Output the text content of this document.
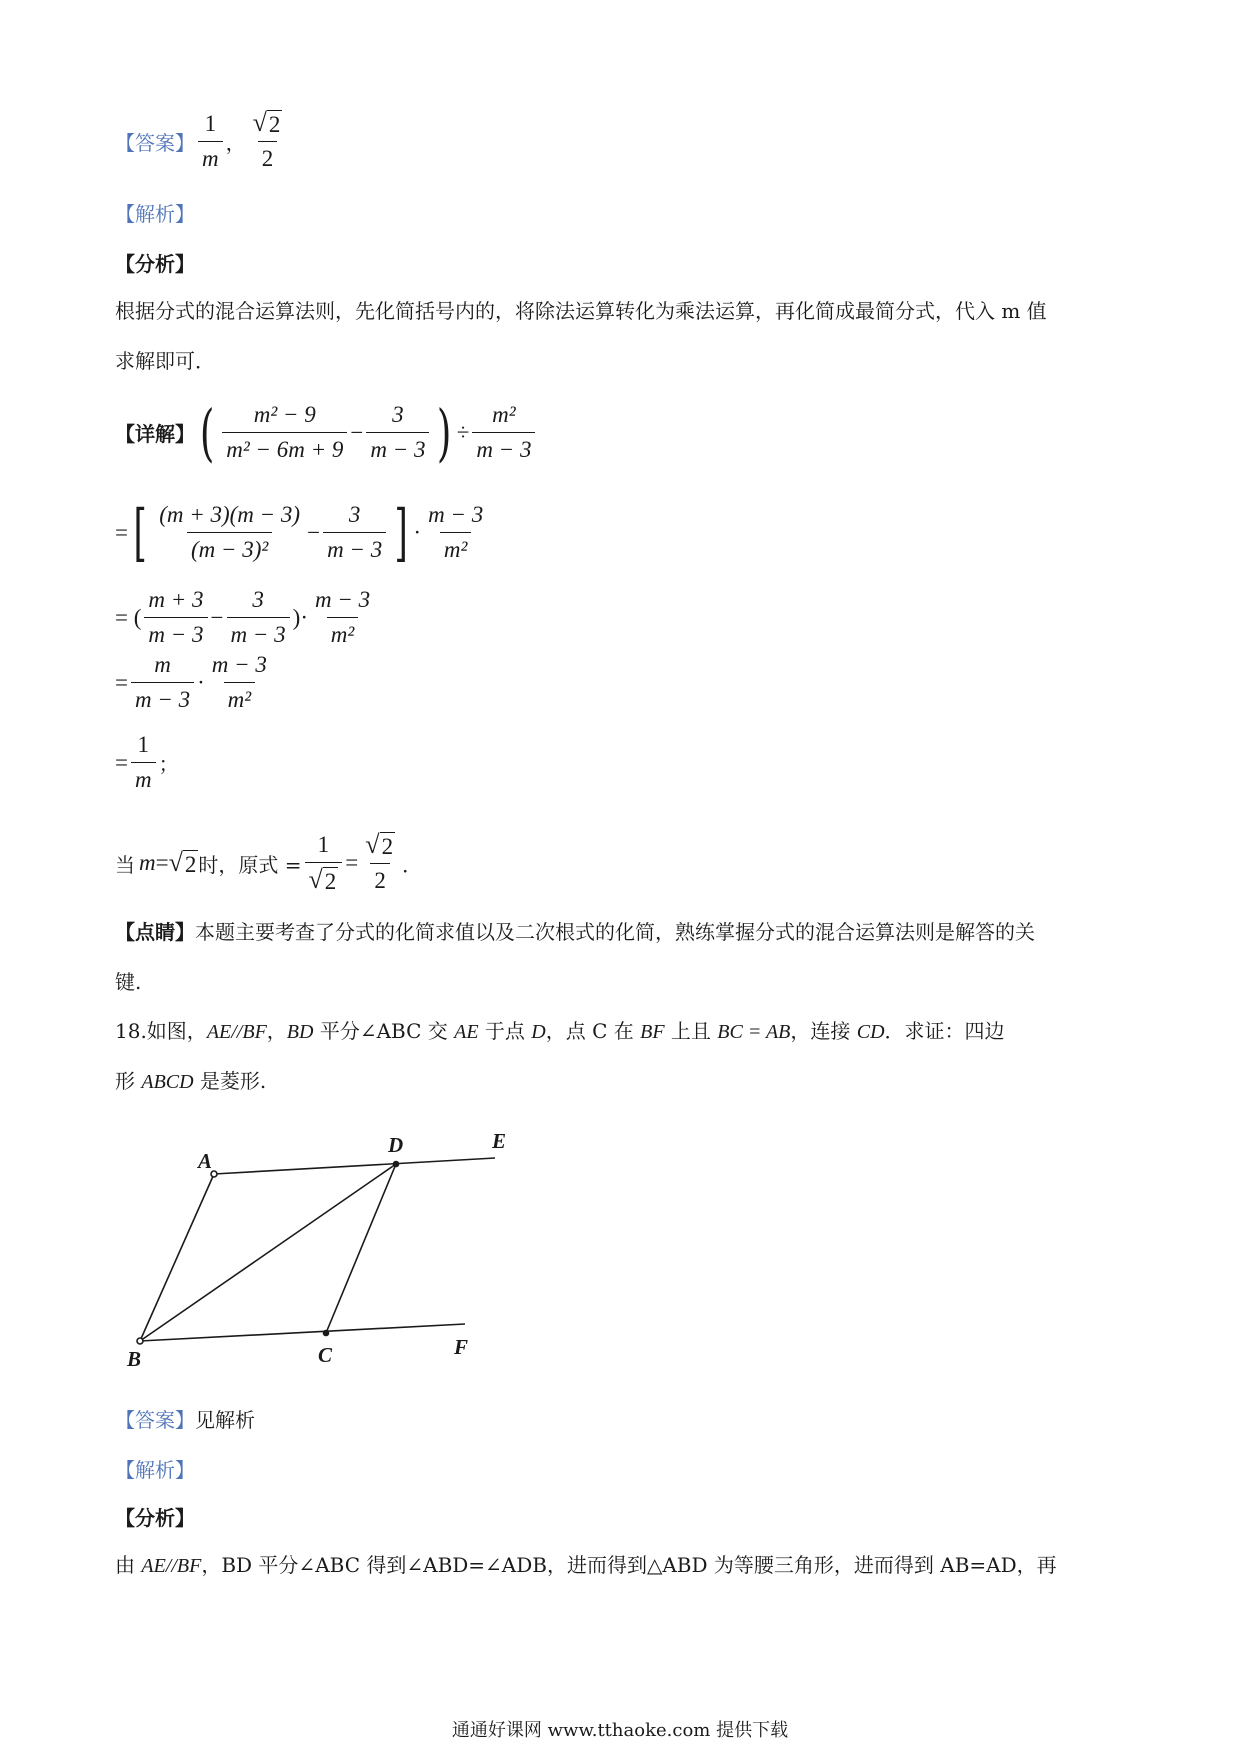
【答案】 $\frac{1}{m}$ ， $\frac{√ 2}{2}$
【解析】
【分析】
根据分式的混合运算法则，先化简括号内的，将除法运算转化为乘法运算，再化简成最简分式，代入 m 值
求解即可．
【详解】 ( $\frac{\text{m² − 9}}{\text{m² − 6m + 9}} - \frac{3}{m - 3}$ ) ÷ $\frac{\text{m²}}{m - 3}$
= [ $\frac{(m + 3)(m - 3)}{\text{(m − 3)²}} - \frac{3}{m - 3}$ ] · $\frac{m - 3}{\text{m²}}$
= ( $\frac{m + 3}{m - 3} - \frac{3}{m - 3}$ )· $\frac{m - 3}{\text{m²}}$
= $\frac{m}{m - 3} \cdot \frac{m - 3}{\text{m²}}$
= $\frac{1}{m}$ ；
当 m = √ 2 时，原式 = $\frac{1}{√ 2} = \frac{√ 2}{2}$ ．
【点睛】本题主要考查了分式的化简求值以及二次根式的化简，熟练掌握分式的混合运算法则是解答的关
键.
18.如图，AE//BF，BD 平分∠ABC 交 AE 于点 D，点 C 在 BF 上且 BC = AB，连接 CD．求证：四边
形 ABCD 是菱形.
A
D	E
B	C	F
【答案】见解析
【解析】
【分析】
由 AE//BF，BD 平分∠ABC 得到∠ABD=∠ADB，进而得到△ABD 为等腰三角形，进而得到 AB=AD，再
通通好课网 www.tthaoke.com 提供下载
